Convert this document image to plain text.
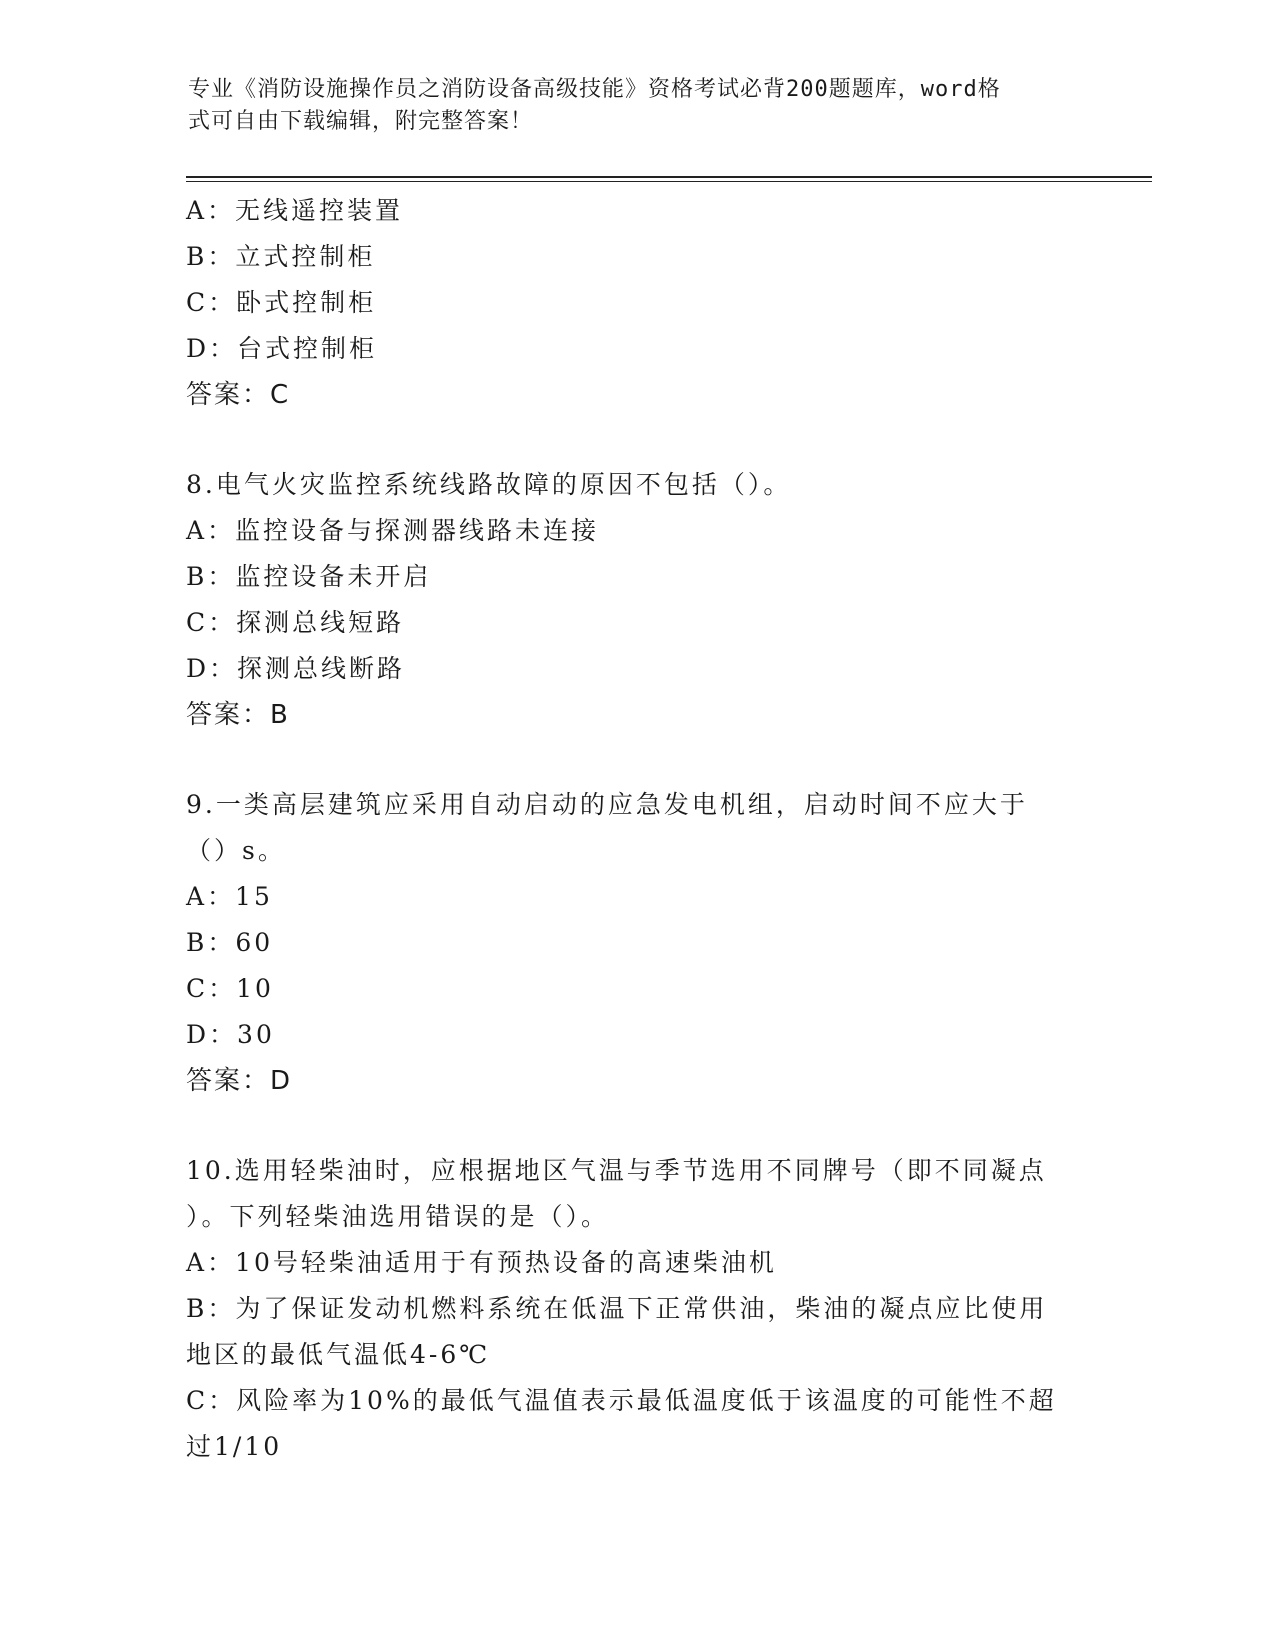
专业《消防设施操作员之消防设备高级技能》资格考试必背200题题库，word格
式可自由下载编辑，附完整答案！
A：无线遥控装置
B：立式控制柜
C：卧式控制柜
D：台式控制柜
答案：C
8.电气火灾监控系统线路故障的原因不包括（）。
A：监控设备与探测器线路未连接
B：监控设备未开启
C：探测总线短路
D：探测总线断路
答案：B
9.一类高层建筑应采用自动启动的应急发电机组，启动时间不应大于
（）s。
A：15
B：60
C：10
D：30
答案：D
10.选用轻柴油时，应根据地区气温与季节选用不同牌号（即不同凝点
）。下列轻柴油选用错误的是（）。
A：10号轻柴油适用于有预热设备的高速柴油机
B：为了保证发动机燃料系统在低温下正常供油，柴油的凝点应比使用
地区的最低气温低4-6℃
C：风险率为10%的最低气温值表示最低温度低于该温度的可能性不超
过1/10
